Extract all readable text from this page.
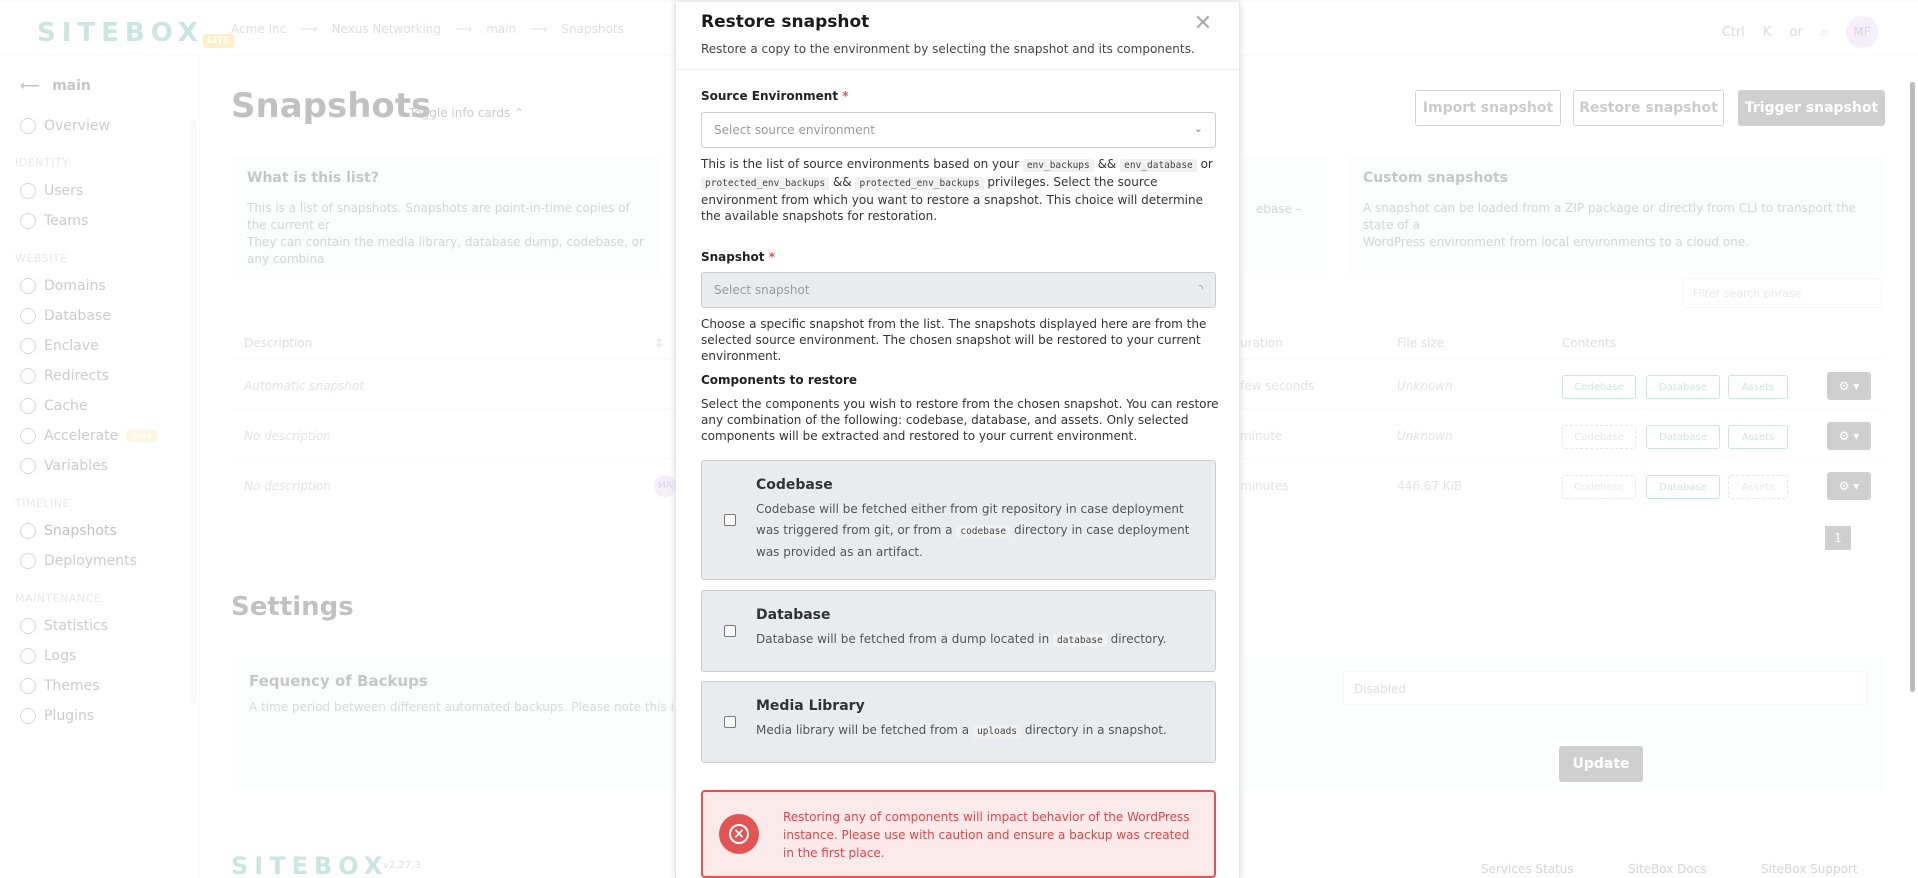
Restore snapshot
Restore a copy to the environment by selecting the snapshot and its components.
✕
Source Environment *
Select source environment	⌄
This is the list of source environments based on your env_backups && env_database or protected_env_backups && protected_env_backups privileges. Select the source environment from which you want to restore a snapshot. This choice will determine the available snapshots for restoration.
Snapshot *
Select snapshot	◝
Choose a specific snapshot from the list. The snapshots displayed here are from the selected source environment. The chosen snapshot will be restored to your current environment.
Components to restore
Select the components you wish to restore from the chosen snapshot. You can restore any combination of the following: codebase, database, and assets. Only selected components will be extracted and restored to your current environment.
Codebase
Codebase will be fetched either from git repository in case deployment was triggered from git, or from a codebase directory in case deployment was provided as an artifact.
Database
Database will be fetched from a dump located in database directory.
Media Library
Media library will be fetched from a uploads directory in a snapshot.
×
Restoring any of components will impact behavior of the WordPress instance. Please use with caution and ensure a backup was created in the first place.
